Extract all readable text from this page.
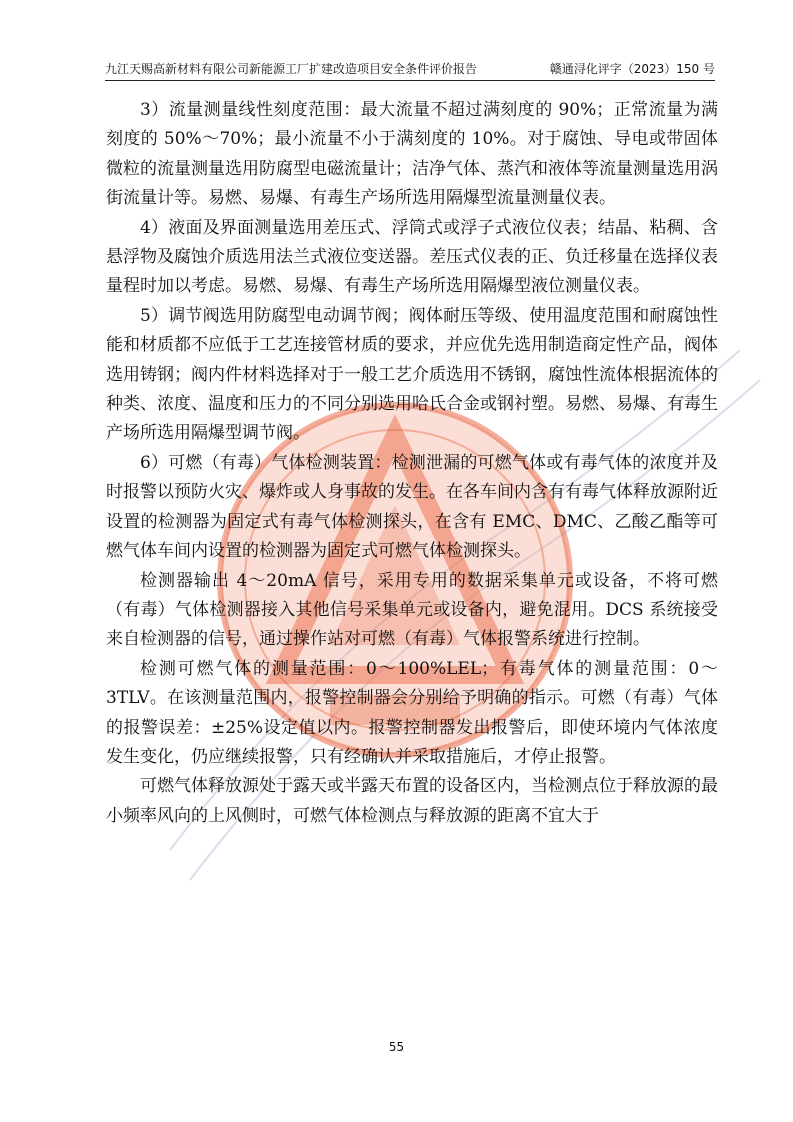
九江天赐高新材料有限公司新能源工厂扩建改造项目安全条件评价报告	赣通浔化评字（2023）150 号

3）流量测量线性刻度范围：最大流量不超过满刻度的 90%；正常流量为满刻度的 50%～70%；最小流量不小于满刻度的 10%。对于腐蚀、导电或带固体微粒的流量测量选用防腐型电磁流量计；洁净气体、蒸汽和液体等流量测量选用涡街流量计等。易燃、易爆、有毒生产场所选用隔爆型流量测量仪表。

4）液面及界面测量选用差压式、浮筒式或浮子式液位仪表；结晶、粘稠、含悬浮物及腐蚀介质选用法兰式液位变送器。差压式仪表的正、负迁移量在选择仪表量程时加以考虑。易燃、易爆、有毒生产场所选用隔爆型液位测量仪表。

5）调节阀选用防腐型电动调节阀；阀体耐压等级、使用温度范围和耐腐蚀性能和材质都不应低于工艺连接管材质的要求，并应优先选用制造商定性产品，阀体选用铸钢；阀内件材料选择对于一般工艺介质选用不锈钢，腐蚀性流体根据流体的种类、浓度、温度和压力的不同分别选用哈氏合金或钢衬塑。易燃、易爆、有毒生产场所选用隔爆型调节阀。

6）可燃（有毒）气体检测装置：检测泄漏的可燃气体或有毒气体的浓度并及时报警以预防火灾、爆炸或人身事故的发生。在各车间内含有有毒气体释放源附近设置的检测器为固定式有毒气体检测探头，在含有 EMC、DMC、乙酸乙酯等可燃气体车间内设置的检测器为固定式可燃气体检测探头。

检测器输出 4～20mA 信号，采用专用的数据采集单元或设备，不将可燃（有毒）气体检测器接入其他信号采集单元或设备内，避免混用。DCS 系统接受来自检测器的信号，通过操作站对可燃（有毒）气体报警系统进行控制。

检测可燃气体的测量范围：0～100%LEL；有毒气体的测量范围：0～3TLV。在该测量范围内，报警控制器会分别给予明确的指示。可燃（有毒）气体的报警误差：±25%设定值以内。报警控制器发出报警后，即使环境内气体浓度发生变化，仍应继续报警，只有经确认并采取措施后，才停止报警。

可燃气体释放源处于露天或半露天布置的设备区内，当检测点位于释放源的最小频率风向的上风侧时，可燃气体检测点与释放源的距离不宜大于

55
